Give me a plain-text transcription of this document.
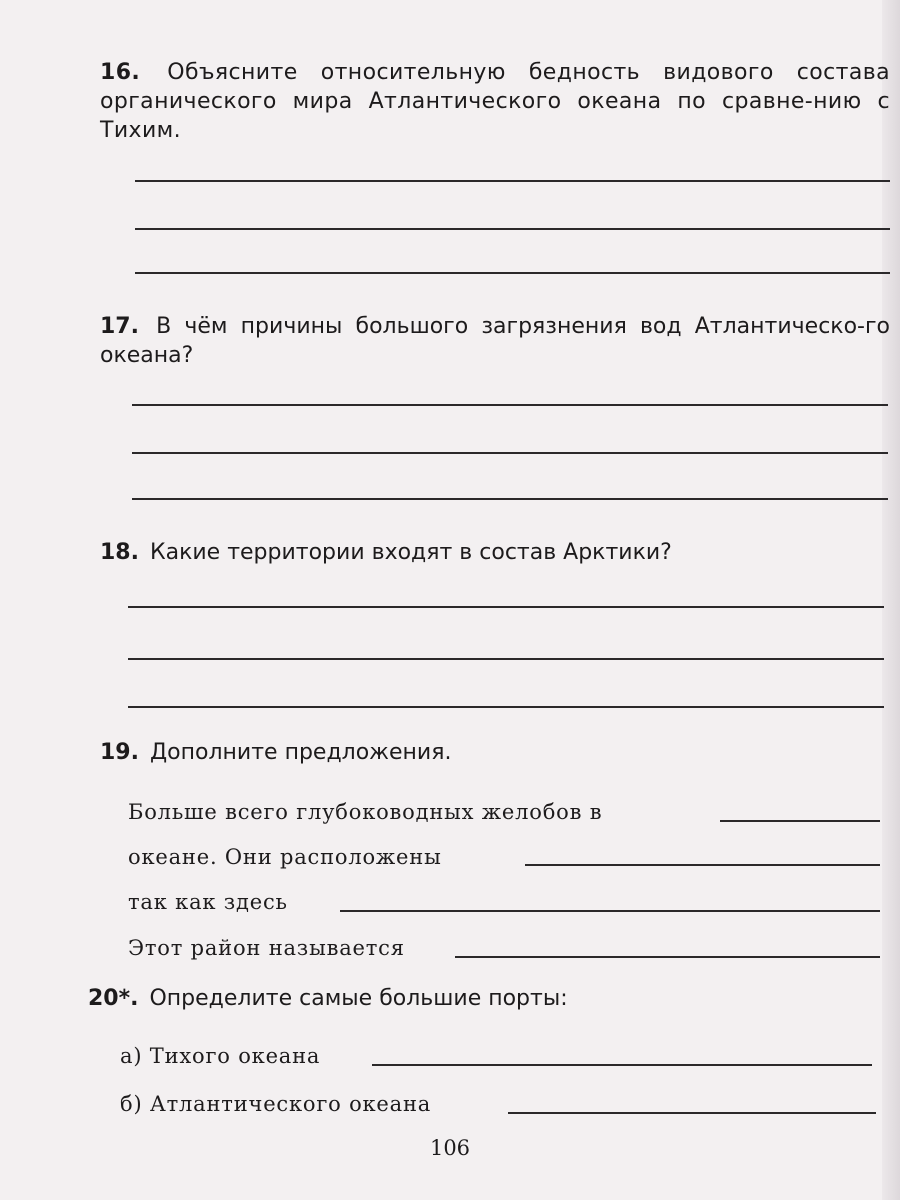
16. Объясните относительную бедность видового состава органического мира Атлантического океана по сравне-нию с Тихим.
17. В чём причины большого загрязнения вод Атлантическо-го океана?
18. Какие территории входят в состав Арктики?
19. Дополните предложения.
Больше всего глубоководных желобов в
океане. Они расположены
так как здесь
Этот район называется
20*. Определите самые большие порты:
а) Тихого океана
б) Атлантического океана
106
